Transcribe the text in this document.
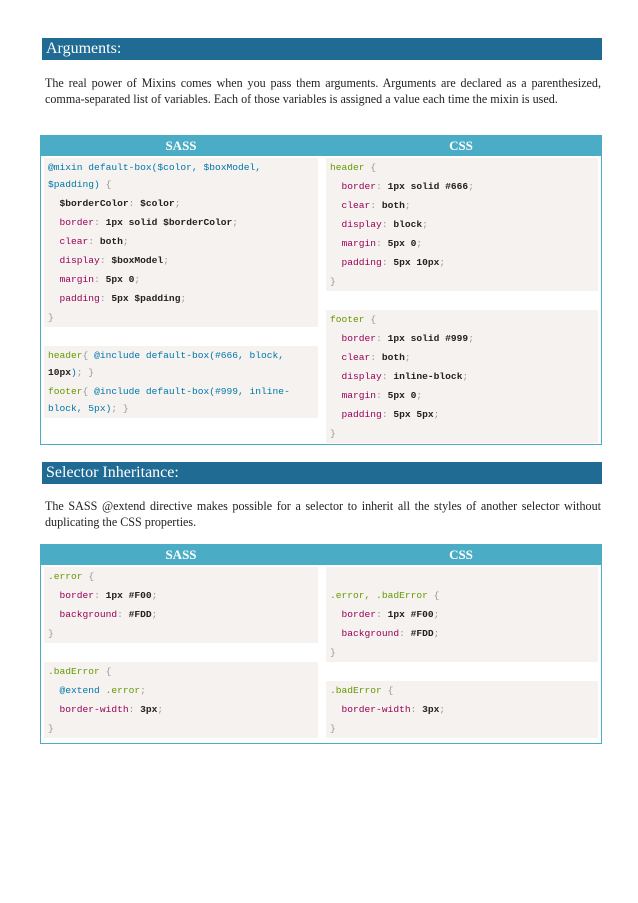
Arguments:
The real power of Mixins comes when you pass them arguments. Arguments are declared as a parenthesized, comma-separated list of variables. Each of those variables is assigned a value each time the mixin is used.
SASS	CSS
@mixin default-box($color, $boxModel, $padding) {
$borderColor: $color;
border: 1px solid $borderColor;
clear: both;
display: $boxModel;
margin: 5px 0;
padding: 5px $padding;
}

header{ @include default-box(#666, block, 10px); }
footer{ @include default-box(#999, inline-block, 5px); }
header {
border: 1px solid #666;
clear: both;
display: block;
margin: 5px 0;
padding: 5px 10px;
}

footer {
border: 1px solid #999;
clear: both;
display: inline-block;
margin: 5px 0;
padding: 5px 5px;
}
Selector Inheritance:
The SASS @extend directive makes possible for a selector to inherit all the styles of another selector without duplicating the CSS properties.
SASS	CSS
.error {
border: 1px #F00;
background: #FDD;
}

.badError {
@extend .error;
border-width: 3px;
}

.error, .badError {
border: 1px #F00;
background: #FDD;
}

.badError {
border-width: 3px;
}
